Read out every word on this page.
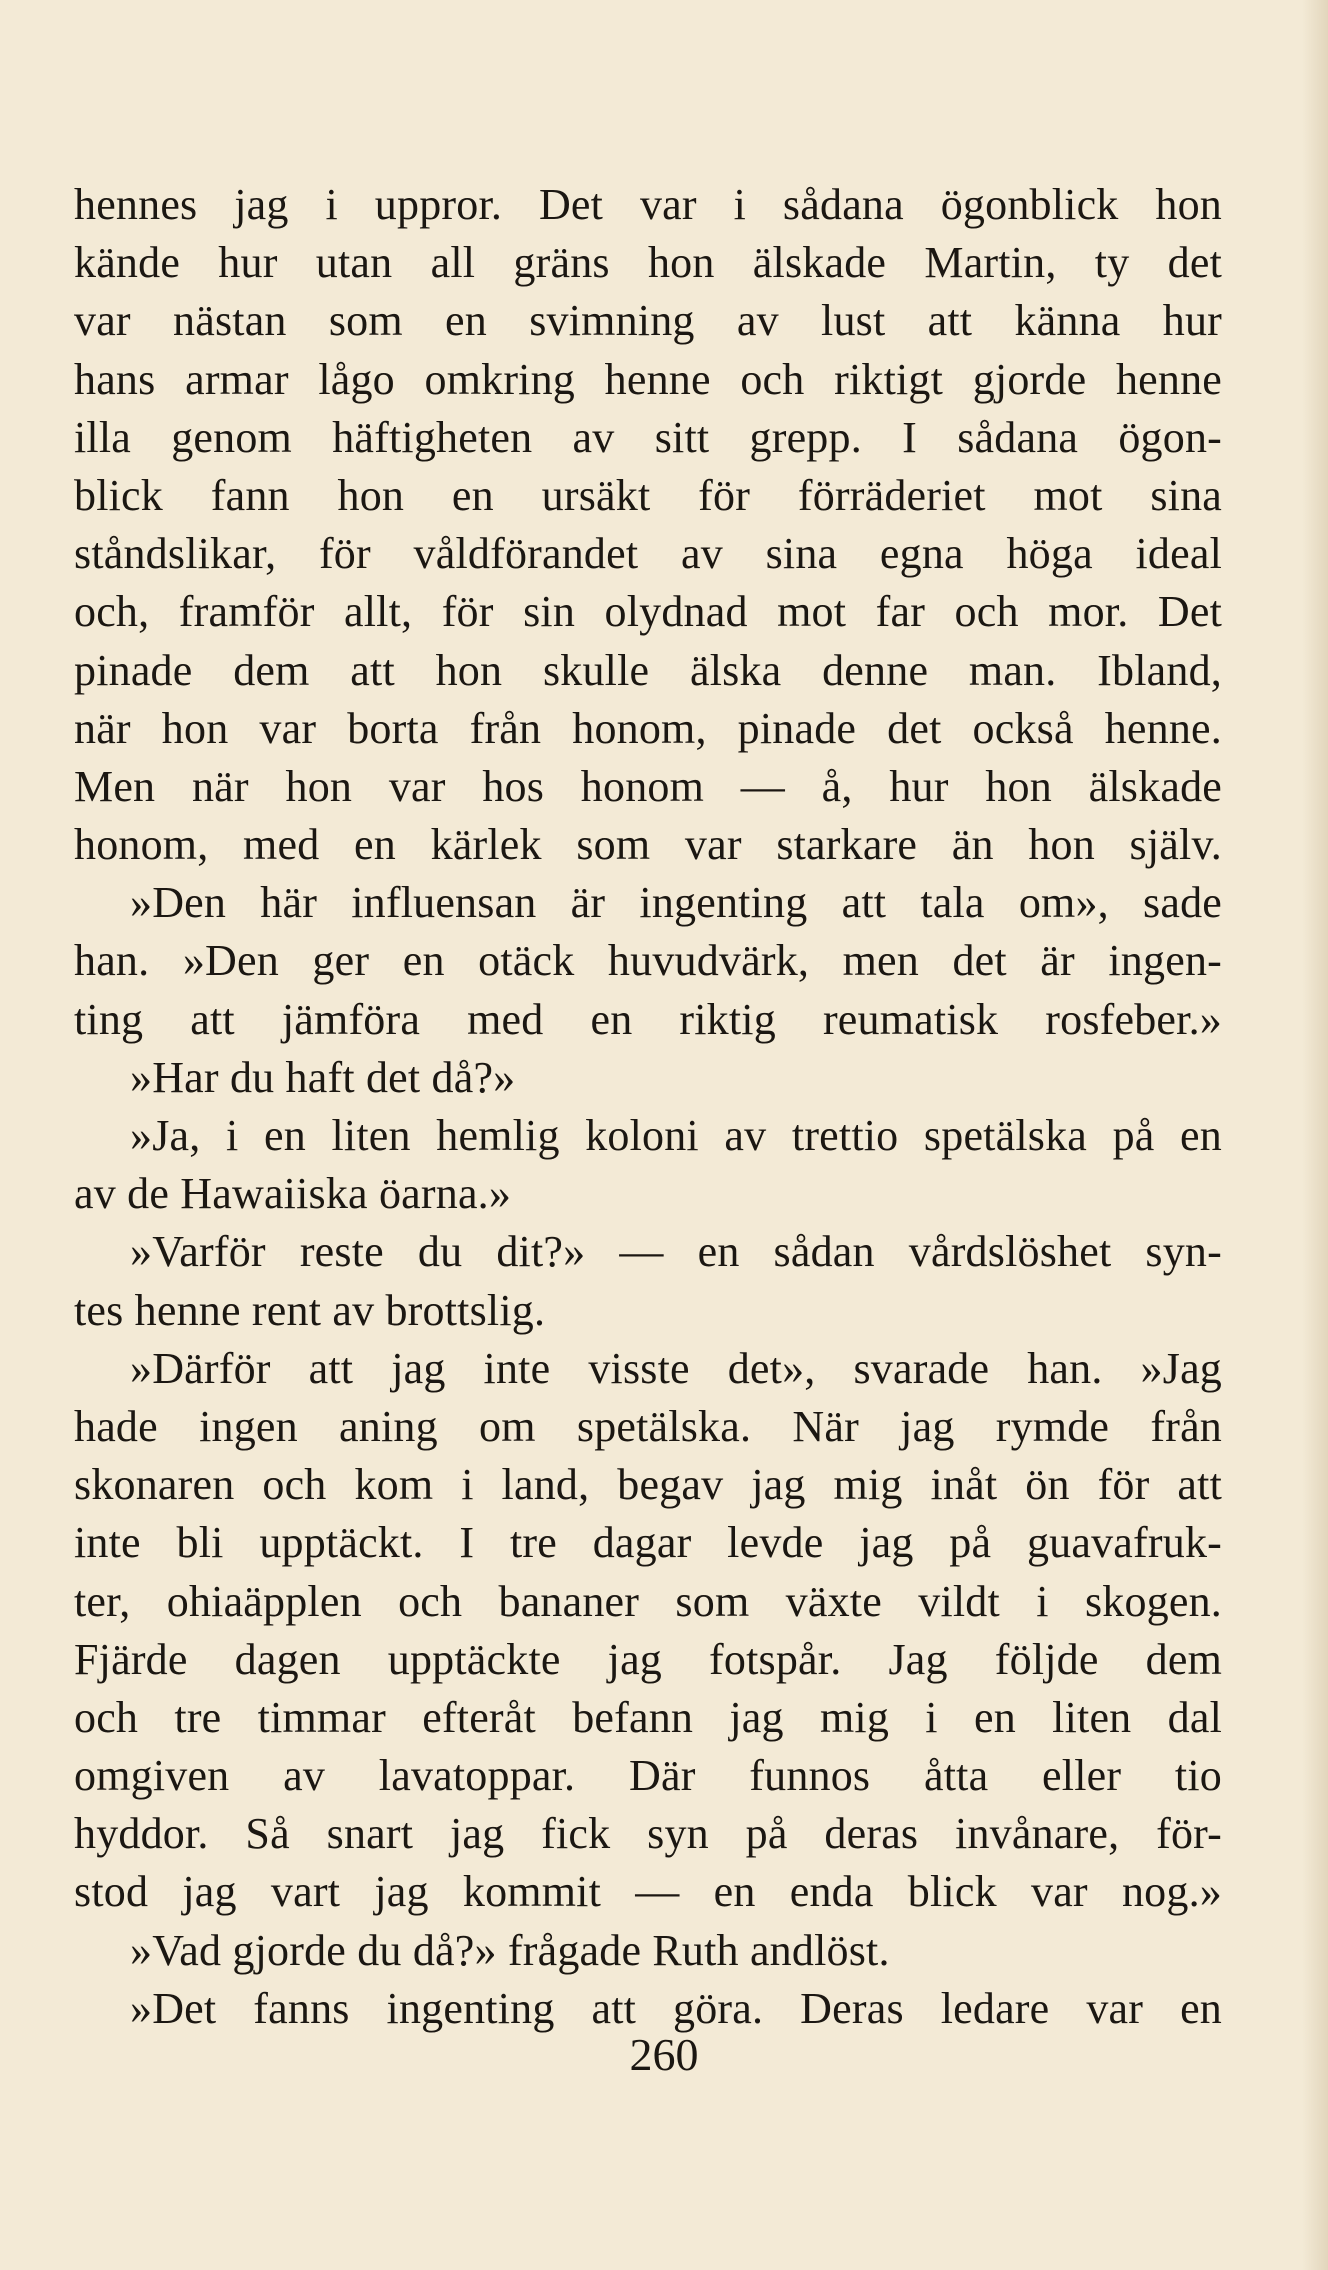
hennes jag i uppror. Det var i sådana ögonblick hon
kände hur utan all gräns hon älskade Martin, ty det
var nästan som en svimning av lust att känna hur
hans armar lågo omkring henne och riktigt gjorde henne
illa genom häftigheten av sitt grepp. I sådana ögon-
blick fann hon en ursäkt för förräderiet mot sina
ståndslikar, för våldförandet av sina egna höga ideal
och, framför allt, för sin olydnad mot far och mor. Det
pinade dem att hon skulle älska denne man. Ibland,
när hon var borta från honom, pinade det också henne.
Men när hon var hos honom — å, hur hon älskade
honom, med en kärlek som var starkare än hon själv.
»Den här influensan är ingenting att tala om», sade
han. »Den ger en otäck huvudvärk, men det är ingen-
ting att jämföra med en riktig reumatisk rosfeber.»
»Har du haft det då?»
»Ja, i en liten hemlig koloni av trettio spetälska på en
av de Hawaiiska öarna.»
»Varför reste du dit?» — en sådan vårdslöshet syn-
tes henne rent av brottslig.
»Därför att jag inte visste det», svarade han. »Jag
hade ingen aning om spetälska. När jag rymde från
skonaren och kom i land, begav jag mig inåt ön för att
inte bli upptäckt. I tre dagar levde jag på guavafruk-
ter, ohiaäpplen och bananer som växte vildt i skogen.
Fjärde dagen upptäckte jag fotspår. Jag följde dem
och tre timmar efteråt befann jag mig i en liten dal
omgiven av lavatoppar. Där funnos åtta eller tio
hyddor. Så snart jag fick syn på deras invånare, för-
stod jag vart jag kommit — en enda blick var nog.»
»Vad gjorde du då?» frågade Ruth andlöst.
»Det fanns ingenting att göra. Deras ledare var en
260
